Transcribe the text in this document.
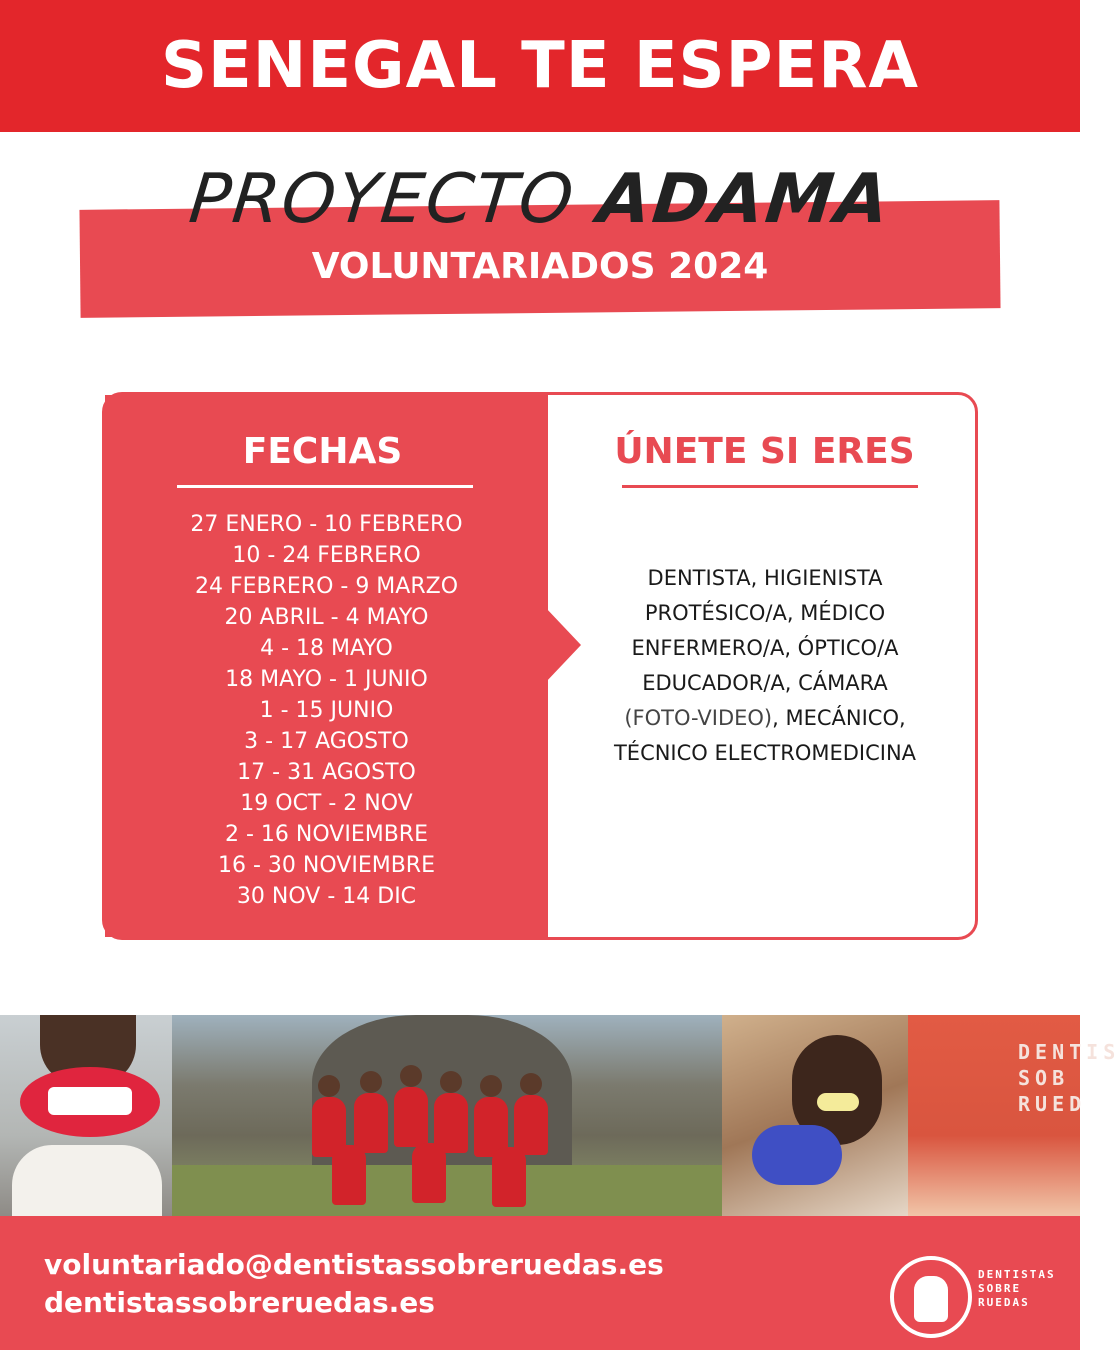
SENEGAL TE ESPERA
PROYECTO ADAMA
VOLUNTARIADOS 2024
FECHAS
27 ENERO - 10 FEBRERO
10 - 24 FEBRERO
24 FEBRERO - 9 MARZO
20 ABRIL - 4 MAYO
4 - 18 MAYO
18 MAYO - 1 JUNIO
1 - 15 JUNIO
3 - 17 AGOSTO
17 - 31 AGOSTO
19 OCT - 2 NOV
2 - 16 NOVIEMBRE
16 - 30 NOVIEMBRE
30 NOV - 14 DIC
ÚNETE SI ERES
DENTISTA, HIGIENISTA
PROTÉSICO/A, MÉDICO
ENFERMERO/A, ÓPTICO/A
EDUCADOR/A, CÁMARA
(FOTO-VIDEO), MECÁNICO,
TÉCNICO ELECTROMEDICINA
DENTIS
SOB
RUED
voluntariado@dentistassobreruedas.es
dentistassobreruedas.es
DENTISTAS
SOBRE
RUEDAS
